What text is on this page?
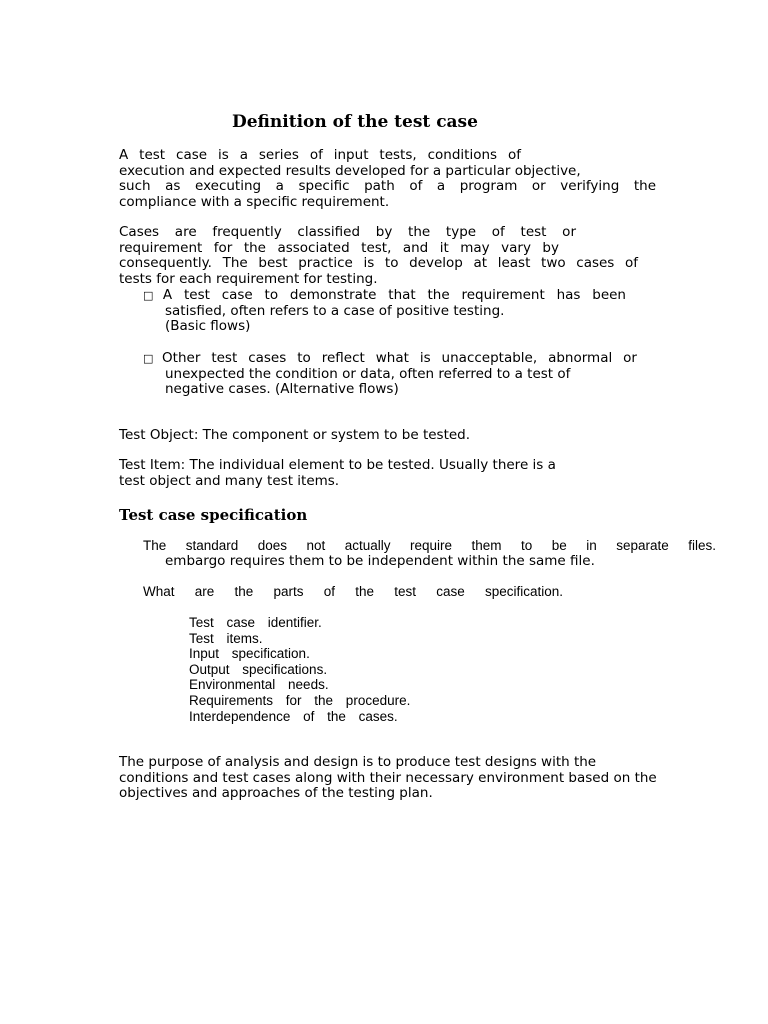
Definition of the test case
A test case is a series of input tests, conditions of
execution and expected results developed for a particular objective,
such as executing a specific path of a program or verifying the
compliance with a specific requirement.
Cases are frequently classified by the type of test or
requirement for the associated test, and it may vary by
consequently. The best practice is to develop at least two cases of
tests for each requirement for testing.
□ A test case to demonstrate that the requirement has been
satisfied, often refers to a case of positive testing.
(Basic flows)
□ Other test cases to reflect what is unacceptable, abnormal or
unexpected the condition or data, often referred to a test of
negative cases. (Alternative flows)
Test Object: The component or system to be tested.
Test Item: The individual element to be tested. Usually there is a
test object and many test items.
Test case specification
The standard does not actually require them to be in separate files.
embargo requires them to be independent within the same file.
What are the parts of the test case specification.
Test case identifier.
Test items.
Input specification.
Output specifications.
Environmental needs.
Requirements for the procedure.
Interdependence of the cases.
The purpose of analysis and design is to produce test designs with the
conditions and test cases along with their necessary environment based on the
objectives and approaches of the testing plan.
